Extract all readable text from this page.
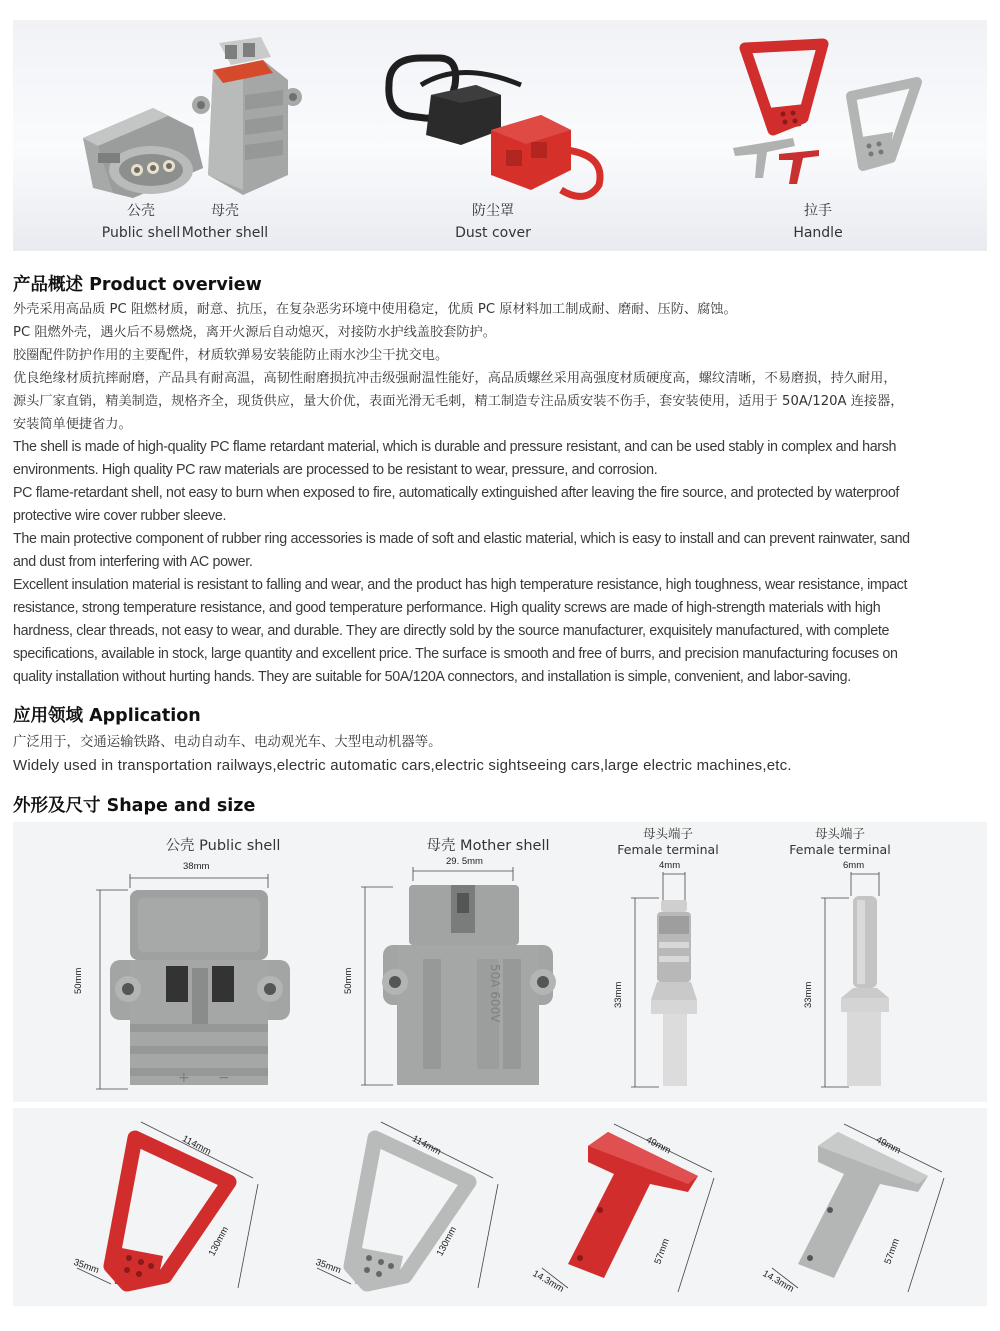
公壳
Public shell
母壳
Mother shell
防尘罩
Dust cover
拉手
Handle
产品概述 Product overview

外壳采用高品质 PC 阻燃材质，耐意、抗压，在复杂恶劣环境中使用稳定，优质 PC 原材料加工制成耐、磨耐、压防、腐蚀。

PC 阻燃外壳，遇火后不易燃烧，离开火源后自动熄灭，对接防水护线盖胶套防护。

胶圈配件防护作用的主要配件，材质软弹易安装能防止雨水沙尘干扰交电。

优良绝缘材质抗摔耐磨，产品具有耐高温，高韧性耐磨损抗冲击级强耐温性能好，高品质螺丝采用高强度材质硬度高，螺纹清晰，不易磨损，持久耐用，

源头厂家直销，精美制造，规格齐全，现货供应，量大价优，表面光滑无毛刺，精工制造专注品质安装不伤手，套安装使用，适用于 50A/120A 连接器，

安装简单便捷省力。

The shell is made of high-quality PC flame retardant material, which is durable and pressure resistant, and can be used stably in complex and harsh

environments. High quality PC raw materials are processed to be resistant to wear, pressure, and corrosion.

PC flame-retardant shell, not easy to burn when exposed to fire, automatically extinguished after leaving the fire source, and protected by waterproof

protective wire cover rubber sleeve.

The main protective component of rubber ring accessories is made of soft and elastic material, which is easy to install and can prevent rainwater, sand

and dust from interfering with AC power.

Excellent insulation material is resistant to falling and wear, and the product has high temperature resistance, high toughness, wear resistance, impact

resistance, strong temperature resistance, and good temperature performance. High quality screws are made of high-strength materials with high

hardness, clear threads, not easy to wear, and durable. They are directly sold by the source manufacturer, exquisitely manufactured, with complete

specifications, available in stock, large quantity and excellent price. The surface is smooth and free of burrs, and precision manufacturing focuses on

quality installation without hurting hands. They are suitable for 50A/120A connectors, and installation is simple, convenient, and labor-saving.

应用领域 Application

广泛用于，交通运输铁路、电动自动车、电动观光车、大型电动机器等。

Widely used in transportation railways,electric automatic cars,electric sightseeing cars,large electric machines,etc.

外形及尺寸 Shape and size
公壳 Public shell
38mm
50mm
+ −
母壳 Mother shell
29. 5mm
50mm	50A 600V
母头端子
Female terminal
4mm
33mm
母头端子
Female terminal
6mm
33mm
114mm
130mm
35mm
114mm
130mm
35mm
49mm
57mm
14.3mm
49mm
57mm
14.3mm
